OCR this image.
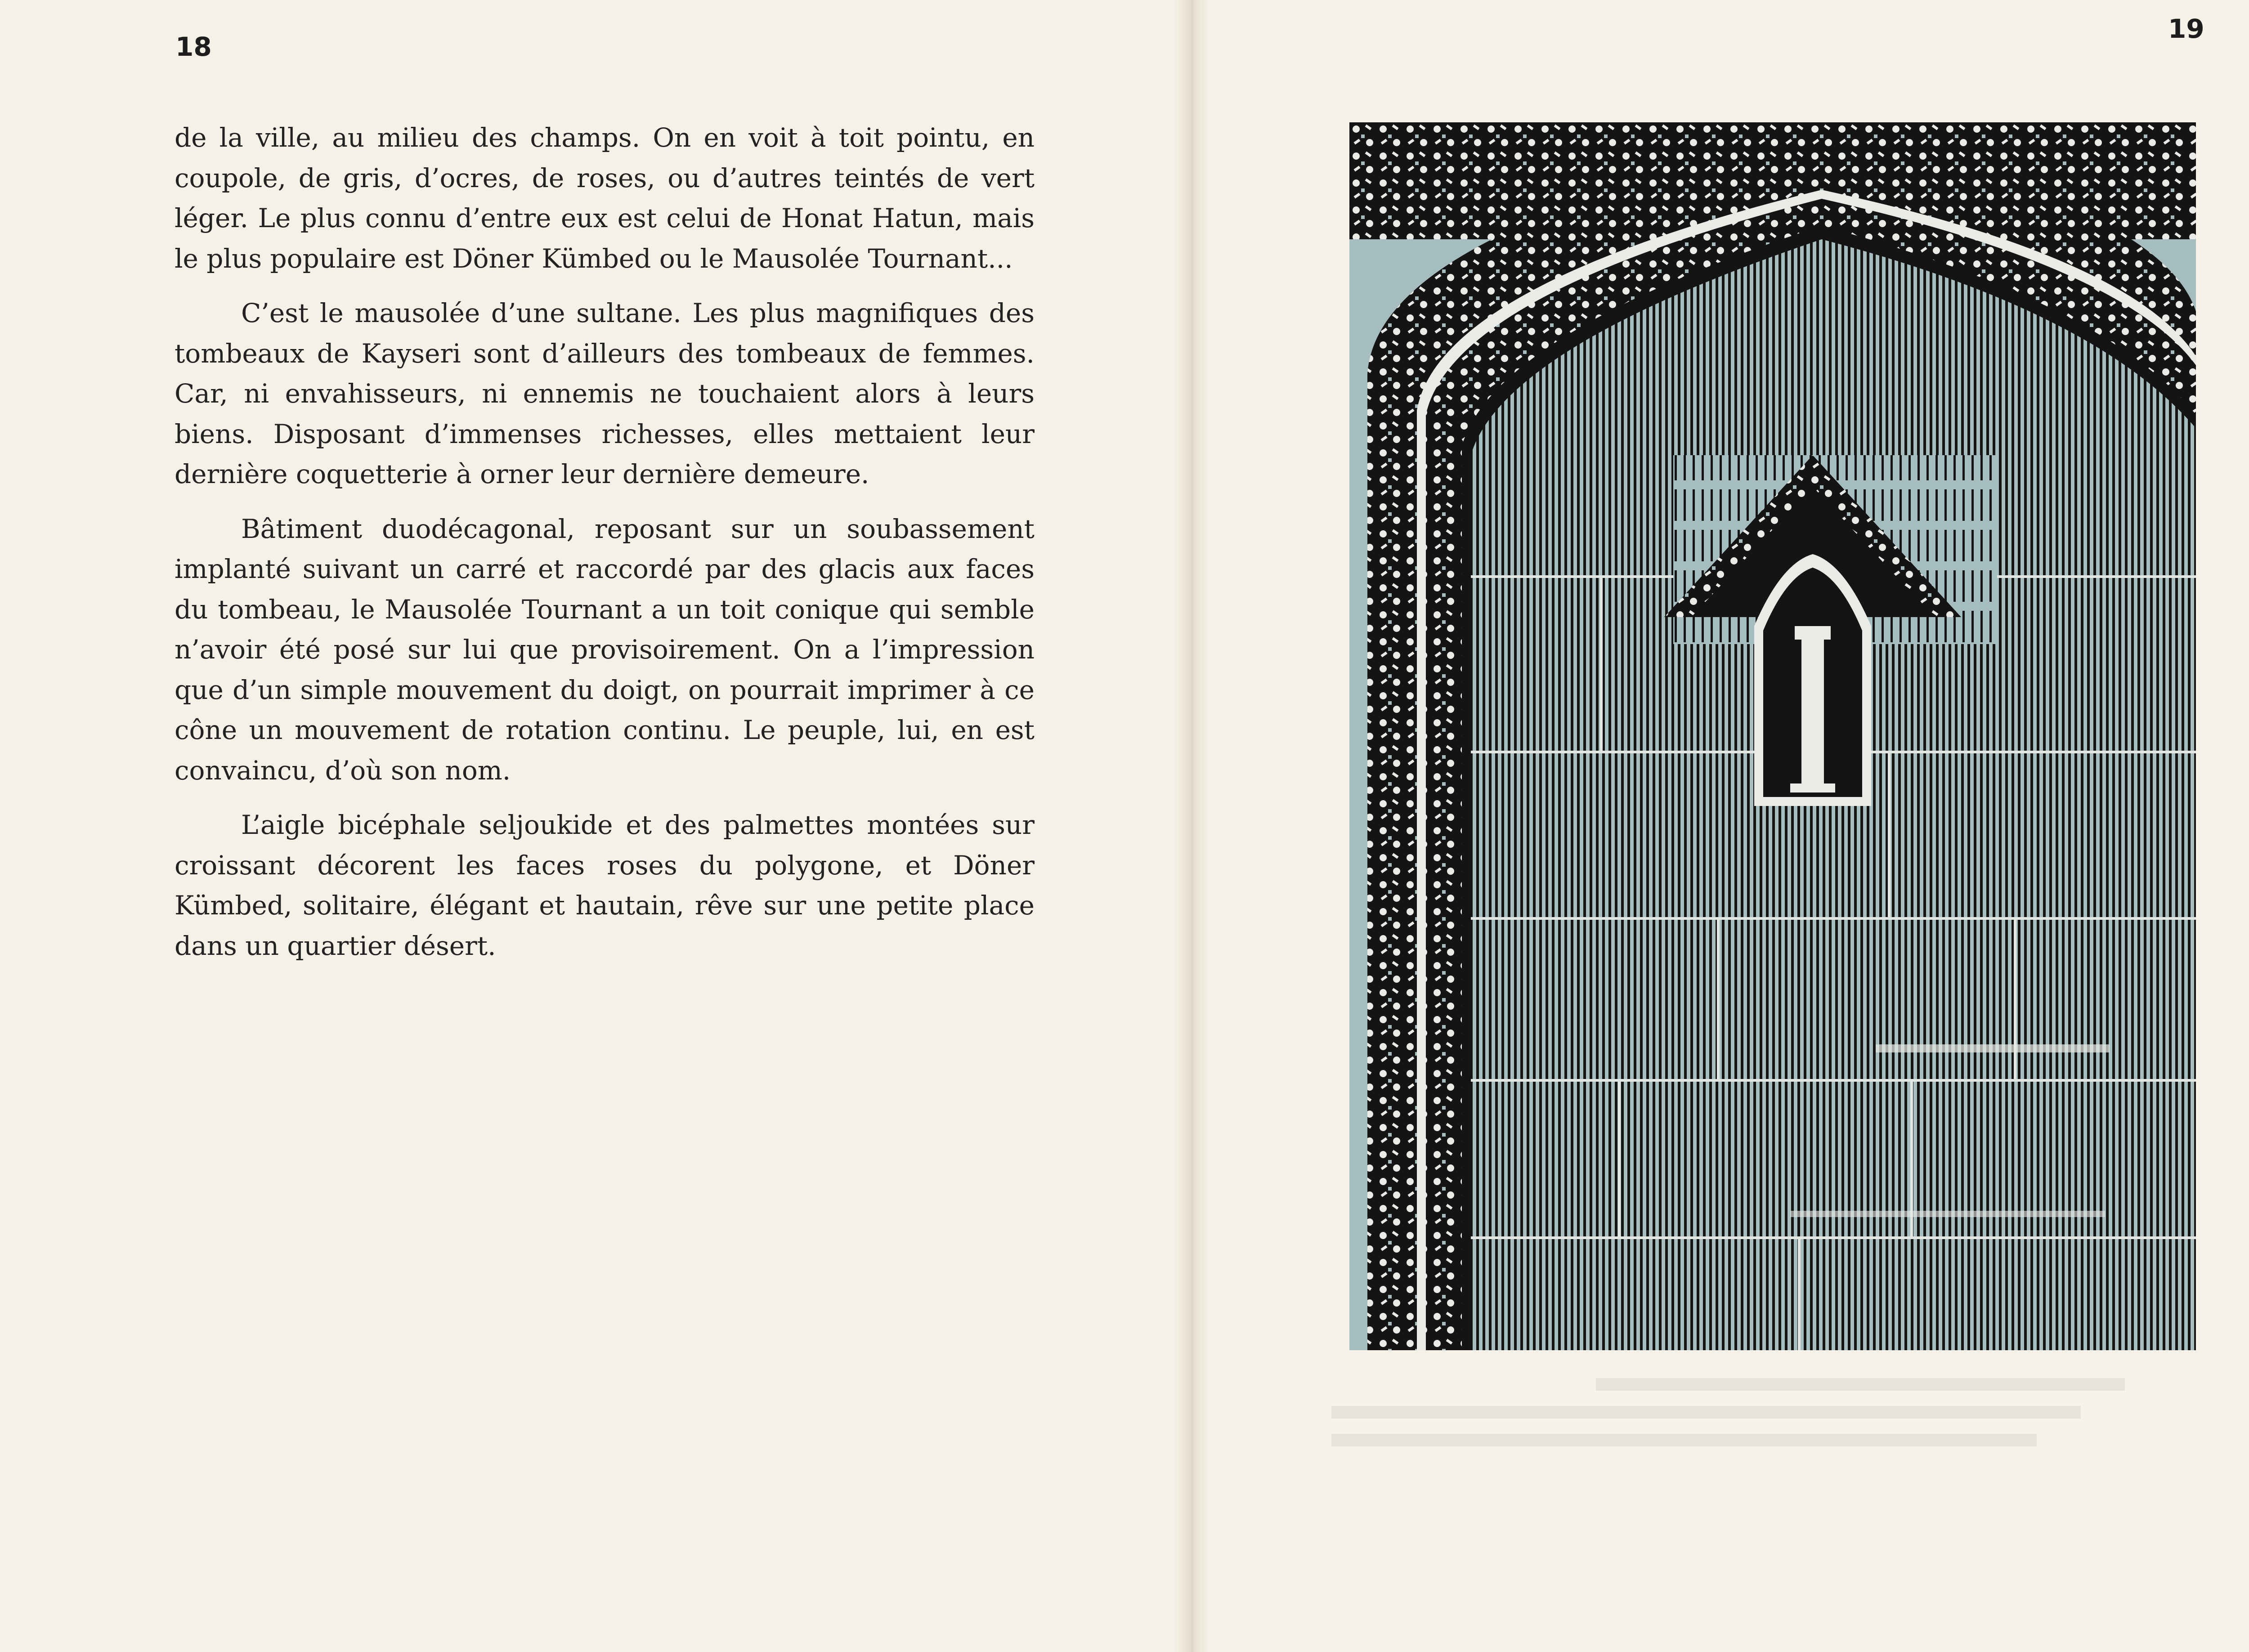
18

de la ville, au milieu des champs. On en voit à toit pointu, en coupole, de gris, d’ocres, de roses, ou d’autres teintés de vert léger. Le plus connu d’entre eux est celui de Honat Hatun, mais le plus populaire est Döner Kümbed ou le Mausolée Tournant...

C’est le mausolée d’une sultane. Les plus magnifiques des tombeaux de Kayseri sont d’ailleurs des tombeaux de femmes. Car, ni envahisseurs, ni ennemis ne touchaient alors à leurs biens. Disposant d’immenses richesses, elles mettaient leur dernière coquetterie à orner leur dernière demeure.

Bâtiment duodécagonal, reposant sur un soubassement implanté suivant un carré et raccordé par des glacis aux faces du tombeau, le Mausolée Tournant a un toit conique qui semble n’avoir été posé sur lui que provisoirement. On a l’impression que d’un simple mouvement du doigt, on pourrait imprimer à ce cône un mouvement de rotation continu. Le peuple, lui, en est convaincu, d’où son nom.

L’aigle bicéphale seljoukide et des palmettes montées sur croissant décorent les faces roses du polygone, et Döner Kümbed, solitaire, élégant et hautain, rêve sur une petite place dans un quartier désert.

19
